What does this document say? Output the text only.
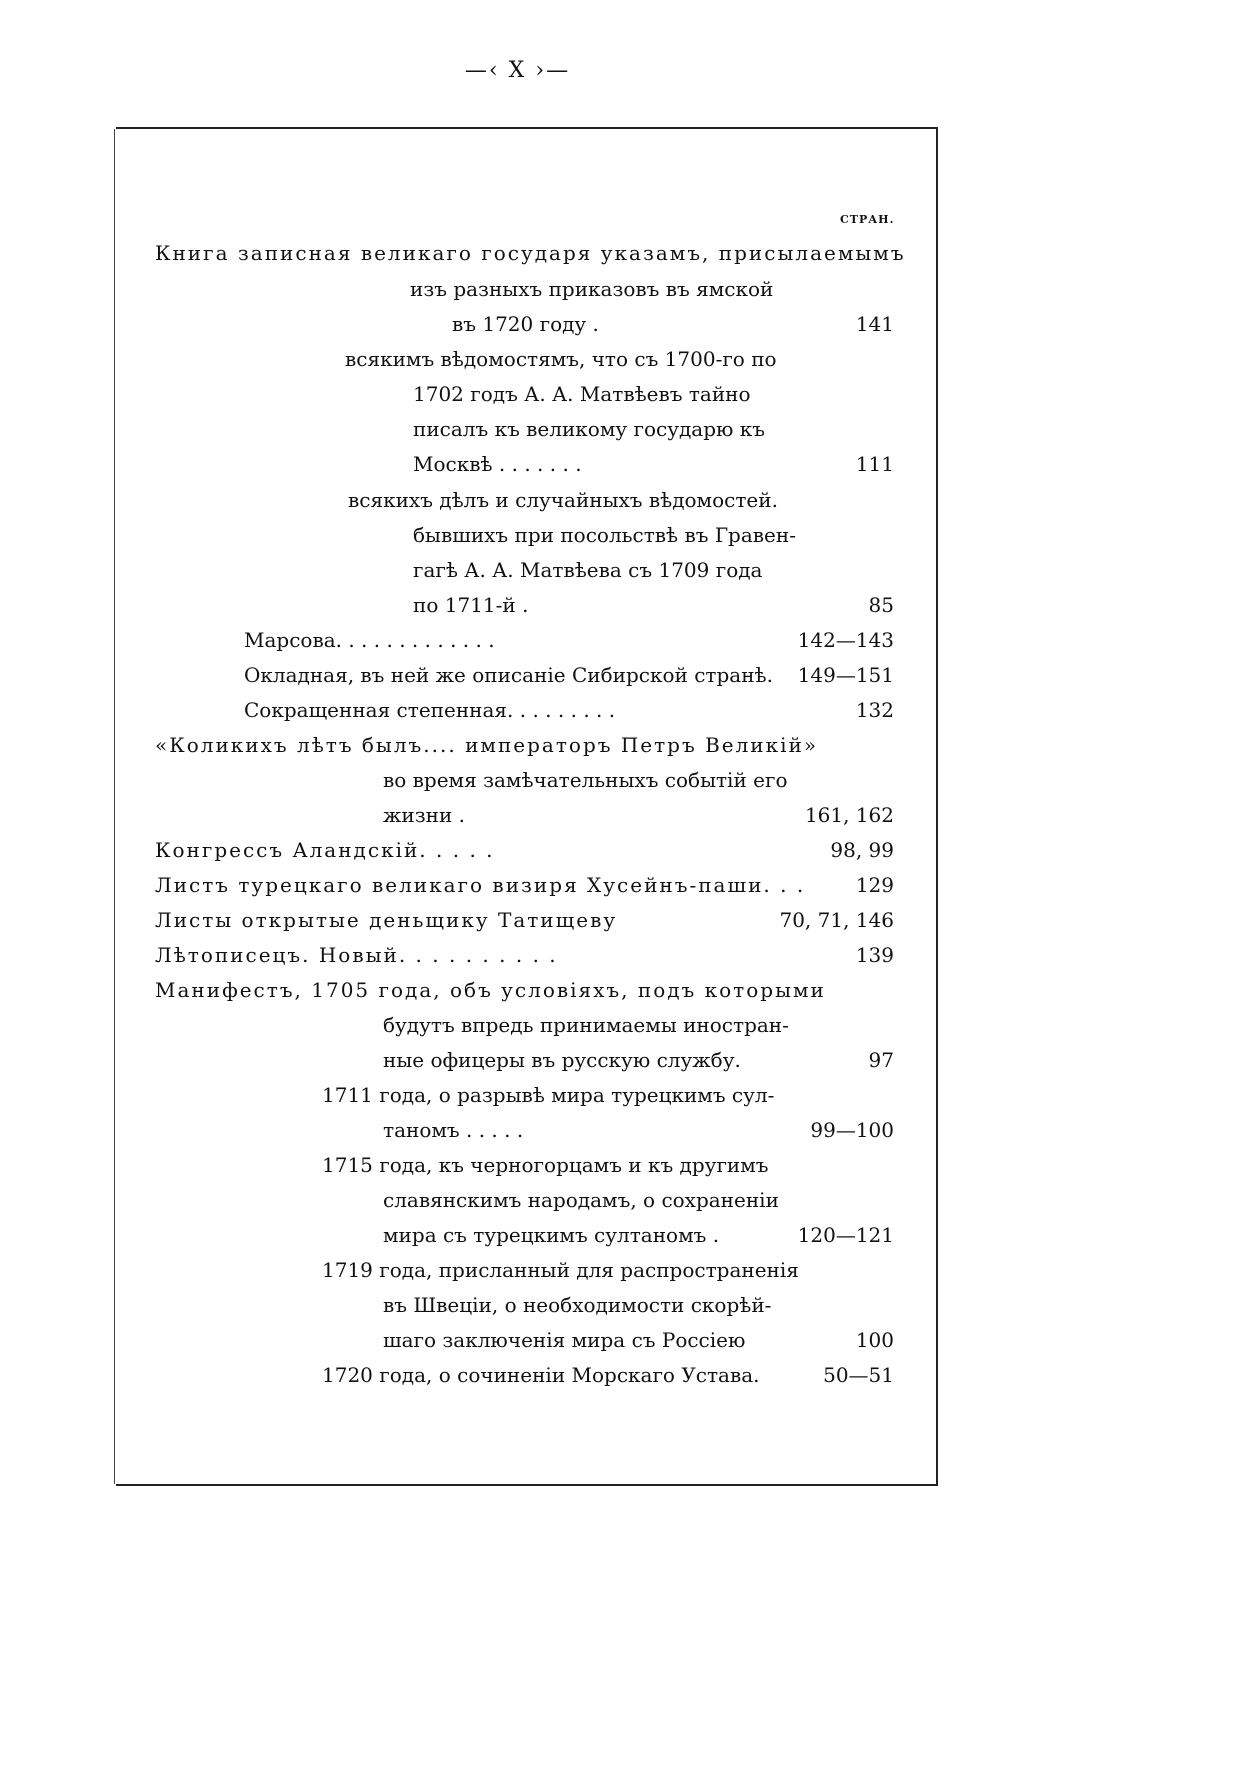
—‹ X ›—
СТРАН.
Книга записная великаго государя указамъ, присылаемымъ
изъ разныхъ приказовъ въ ямской
въ 1720 году .	141
всякимъ вѣдомостямъ, что съ 1700-го по
1702 годъ А. А. Матвѣевъ тайно
писалъ къ великому государю къ
Москвѣ . . . . . . .	111
всякихъ дѣлъ и случайныхъ вѣдомостей.
бывшихъ при посольствѣ въ Гравен-
гагѣ А. А. Матвѣева съ 1709 года
по 1711-й .	85
Марсова. . . . . . . . . . . . .	142—143
Окладная, въ ней же описаніе Сибирской странѣ. 149—151
Сокращенная степенная. . . . . . . . .	132
«Коликихъ лѣтъ былъ.... императоръ Петръ Великій»
во время замѣчательныхъ событій его
жизни .	161, 162
Конгрессъ Аландскій. . . . .	98, 99
Листъ турецкаго великаго визиря Хусейнъ-паши. . .	129
Листы открытые деньщику Татищеву	70, 71, 146
Лѣтописецъ. Новый. . . . . . . . . .	139
Манифестъ, 1705 года, объ условіяхъ, подъ которыми
будутъ впредь принимаемы иностран-
ные офицеры въ русскую службу.	97
1711 года, о разрывѣ мира турецкимъ сул-
таномъ . . . . .	99—100
1715 года, къ черногорцамъ и къ другимъ
славянскимъ народамъ, о сохраненіи
мира съ турецкимъ султаномъ .	120—121
1719 года, присланный для распространенія
въ Швеціи, о необходимости скорѣй-
шаго заключенія мира съ Россіею	100
1720 года, о сочиненіи Морскаго Устава.	50—51
